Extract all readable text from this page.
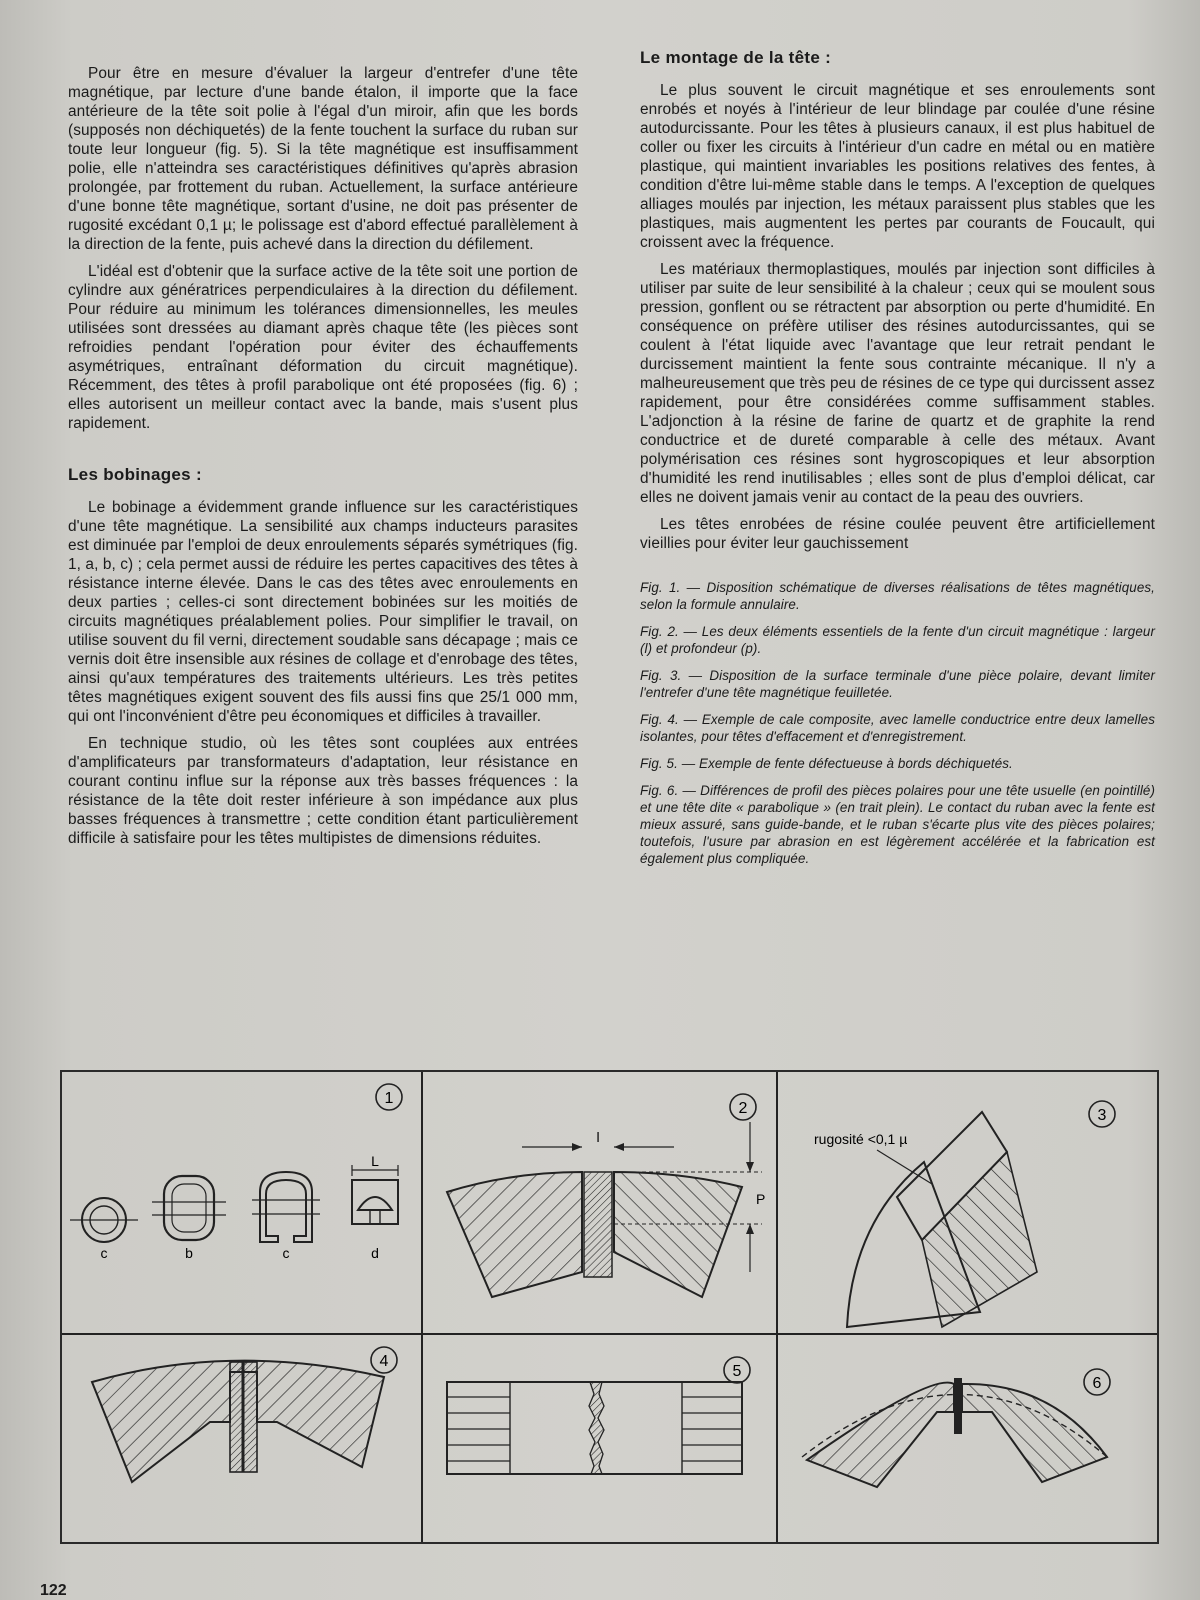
Pour être en mesure d'évaluer la largeur d'entrefer d'une tête magnétique, par lecture d'une bande étalon, il importe que la face antérieure de la tête soit polie à l'égal d'un miroir, afin que les bords (supposés non déchiquetés) de la fente touchent la surface du ruban sur toute leur longueur (fig. 5). Si la tête magnétique est insuffisamment polie, elle n'atteindra ses caractéristiques définitives qu'après abrasion prolongée, par frottement du ruban. Actuellement, la surface antérieure d'une bonne tête magnétique, sortant d'usine, ne doit pas présenter de rugosité excédant 0,1 µ; le polissage est d'abord effectué parallèlement à la direction de la fente, puis achevé dans la direction du défilement.

L'idéal est d'obtenir que la surface active de la tête soit une portion de cylindre aux génératrices perpendiculaires à la direction du défilement. Pour réduire au minimum les tolérances dimensionnelles, les meules utilisées sont dressées au diamant après chaque tête (les pièces sont refroidies pendant l'opération pour éviter des échauffements asymétriques, entraînant déformation du circuit magnétique). Récemment, des têtes à profil parabolique ont été proposées (fig. 6) ; elles autorisent un meilleur contact avec la bande, mais s'usent plus rapidement.

Les bobinages :

Le bobinage a évidemment grande influence sur les caractéristiques d'une tête magnétique. La sensibilité aux champs inducteurs parasites est diminuée par l'emploi de deux enroulements séparés symétriques (fig. 1, a, b, c) ; cela permet aussi de réduire les pertes capacitives des têtes à résistance interne élevée. Dans le cas des têtes avec enroulements en deux parties ; celles-ci sont directement bobinées sur les moitiés de circuits magnétiques préalablement polies. Pour simplifier le travail, on utilise souvent du fil verni, directement soudable sans décapage ; mais ce vernis doit être insensible aux résines de collage et d'enrobage des têtes, ainsi qu'aux températures des traitements ultérieurs. Les très petites têtes magnétiques exigent souvent des fils aussi fins que 25/1 000 mm, qui ont l'inconvénient d'être peu économiques et difficiles à travailler.

En technique studio, où les têtes sont couplées aux entrées d'amplificateurs par transformateurs d'adaptation, leur résistance en courant continu influe sur la réponse aux très basses fréquences : la résistance de la tête doit rester inférieure à son impédance aux plus basses fréquences à transmettre ; cette condition étant particulièrement difficile à satisfaire pour les têtes multipistes de dimensions réduites.

Le montage de la tête :

Le plus souvent le circuit magnétique et ses enroulements sont enrobés et noyés à l'intérieur de leur blindage par coulée d'une résine autodurcissante. Pour les têtes à plusieurs canaux, il est plus habituel de coller ou fixer les circuits à l'intérieur d'un cadre en métal ou en matière plastique, qui maintient invariables les positions relatives des fentes, à condition d'être lui-même stable dans le temps. A l'exception de quelques alliages moulés par injection, les métaux paraissent plus stables que les plastiques, mais augmentent les pertes par courants de Foucault, qui croissent avec la fréquence.

Les matériaux thermoplastiques, moulés par injection sont difficiles à utiliser par suite de leur sensibilité à la chaleur ; ceux qui se moulent sous pression, gonflent ou se rétractent par absorption ou perte d'humidité. En conséquence on préfère utiliser des résines autodurcissantes, qui se coulent à l'état liquide avec l'avantage que leur retrait pendant le durcissement maintient la fente sous contrainte mécanique. Il n'y a malheureusement que très peu de résines de ce type qui durcissent assez rapidement, pour être considérées comme suffisamment stables. L'adjonction à la résine de farine de quartz et de graphite la rend conductrice et de dureté comparable à celle des métaux. Avant polymérisation ces résines sont hygroscopiques et leur absorption d'humidité les rend inutilisables ; elles sont de plus d'emploi délicat, car elles ne doivent jamais venir au contact de la peau des ouvriers.

Les têtes enrobées de résine coulée peuvent être artificiellement vieillies pour éviter leur gauchissement

Fig. 1. — Disposition schématique de diverses réalisations de têtes magnétiques, selon la formule annulaire.

Fig. 2. — Les deux éléments essentiels de la fente d'un circuit magnétique : largeur (l) et profondeur (p).

Fig. 3. — Disposition de la surface terminale d'une pièce polaire, devant limiter l'entrefer d'une tête magnétique feuilletée.

Fig. 4. — Exemple de cale composite, avec lamelle conductrice entre deux lamelles isolantes, pour têtes d'effacement et d'enregistrement.

Fig. 5. — Exemple de fente défectueuse à bords déchiquetés.

Fig. 6. — Différences de profil des pièces polaires pour une tête usuelle (en pointillé) et une tête dite « parabolique » (en trait plein). Le contact du ruban avec la fente est mieux assuré, sans guide-bande, et le ruban s'écarte plus vite des pièces polaires; toutefois, l'usure par abrasion en est légèrement accélérée et la fabrication est également plus compliquée.

1
L
c	b	c	d
2
l
P
3
rugosité <0,1 µ
4
5
6
122
